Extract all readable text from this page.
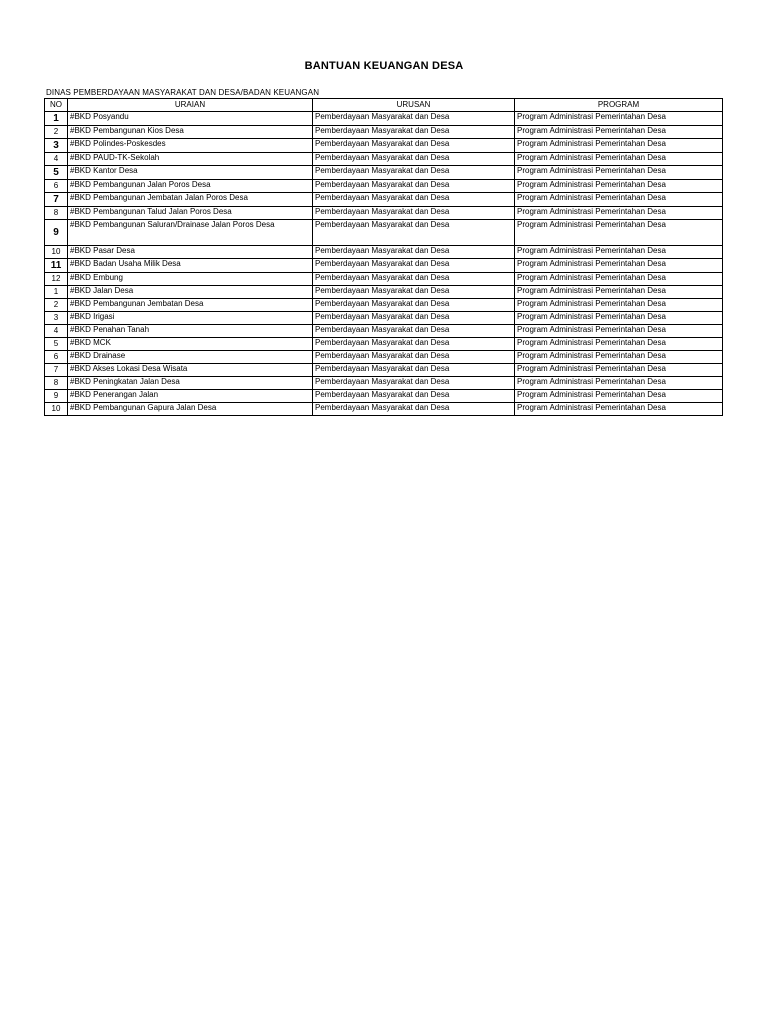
BANTUAN KEUANGAN DESA
DINAS PEMBERDAYAAN MASYARAKAT DAN DESA/BADAN KEUANGAN
NO	URAIAN	URUSAN	PROGRAM
1	#BKD Posyandu	Pemberdayaan Masyarakat dan Desa	Program Administrasi Pemerintahan Desa
2	#BKD Pembangunan Kios Desa	Pemberdayaan Masyarakat dan Desa	Program Administrasi Pemerintahan Desa
3	#BKD Polindes-Poskesdes	Pemberdayaan Masyarakat dan Desa	Program Administrasi Pemerintahan Desa
4	#BKD PAUD-TK-Sekolah	Pemberdayaan Masyarakat dan Desa	Program Administrasi Pemerintahan Desa
5	#BKD Kantor Desa	Pemberdayaan Masyarakat dan Desa	Program Administrasi Pemerintahan Desa
6	#BKD Pembangunan Jalan Poros Desa	Pemberdayaan Masyarakat dan Desa	Program Administrasi Pemerintahan Desa
7	#BKD Pembangunan Jembatan Jalan Poros Desa	Pemberdayaan Masyarakat dan Desa	Program Administrasi Pemerintahan Desa
8	#BKD Pembangunan Talud Jalan Poros Desa	Pemberdayaan Masyarakat dan Desa	Program Administrasi Pemerintahan Desa
9	#BKD Pembangunan Saluran/Drainase Jalan Poros Desa	Pemberdayaan Masyarakat dan Desa	Program Administrasi Pemerintahan Desa
10	#BKD Pasar Desa	Pemberdayaan Masyarakat dan Desa	Program Administrasi Pemerintahan Desa
11	#BKD Badan Usaha Milik Desa	Pemberdayaan Masyarakat dan Desa	Program Administrasi Pemerintahan Desa
12	#BKD Embung	Pemberdayaan Masyarakat dan Desa	Program Administrasi Pemerintahan Desa
1	#BKD Jalan Desa	Pemberdayaan Masyarakat dan Desa	Program Administrasi Pemerintahan Desa
2	#BKD Pembangunan Jembatan Desa	Pemberdayaan Masyarakat dan Desa	Program Administrasi Pemerintahan Desa
3	#BKD Irigasi	Pemberdayaan Masyarakat dan Desa	Program Administrasi Pemerintahan Desa
4	#BKD Penahan Tanah	Pemberdayaan Masyarakat dan Desa	Program Administrasi Pemerintahan Desa
5	#BKD MCK	Pemberdayaan Masyarakat dan Desa	Program Administrasi Pemerintahan Desa
6	#BKD Drainase	Pemberdayaan Masyarakat dan Desa	Program Administrasi Pemerintahan Desa
7	#BKD Akses Lokasi Desa Wisata	Pemberdayaan Masyarakat dan Desa	Program Administrasi Pemerintahan Desa
8	#BKD Peningkatan Jalan Desa	Pemberdayaan Masyarakat dan Desa	Program Administrasi Pemerintahan Desa
9	#BKD Penerangan Jalan	Pemberdayaan Masyarakat dan Desa	Program Administrasi Pemerintahan Desa
10	#BKD Pembangunan Gapura Jalan Desa	Pemberdayaan Masyarakat dan Desa	Program Administrasi Pemerintahan Desa
